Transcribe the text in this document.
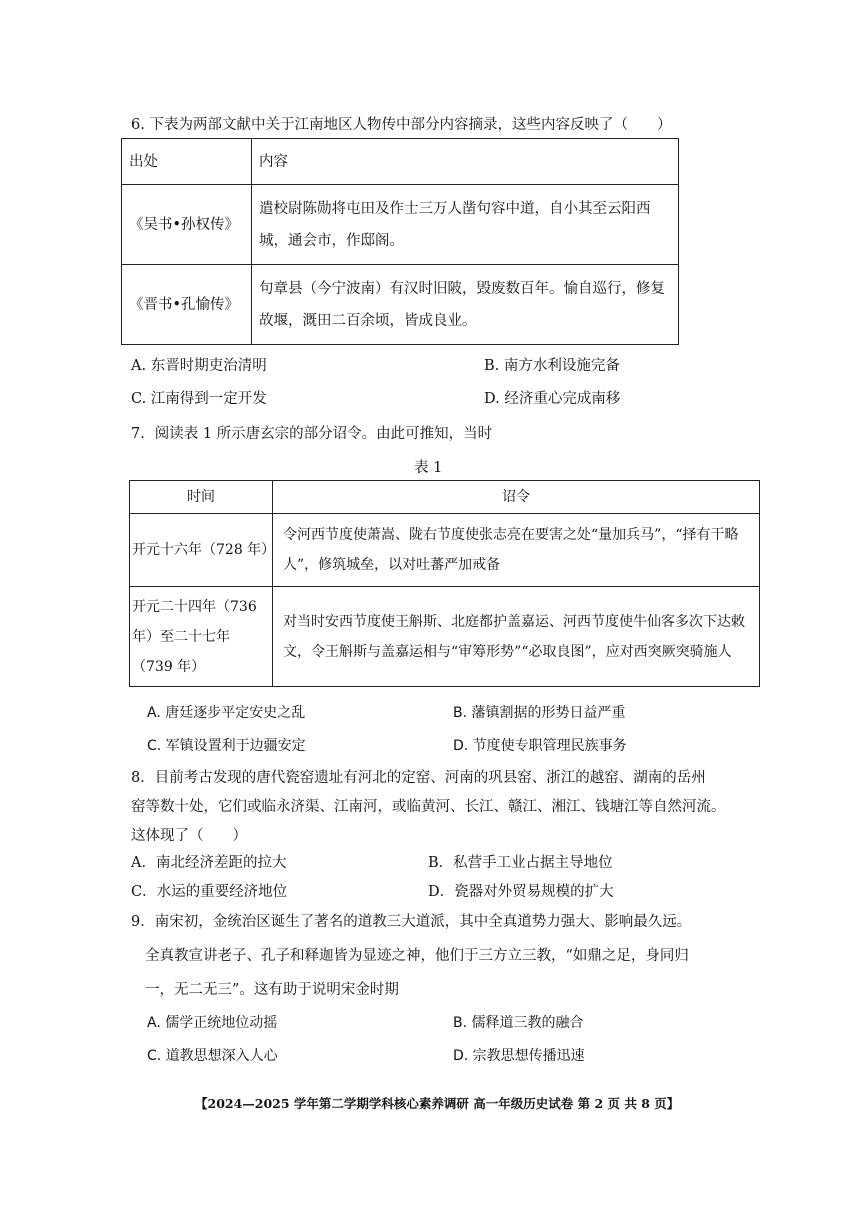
6. 下表为两部文献中关于江南地区人物传中部分内容摘录，这些内容反映了（　　）
出处	内容
《吴书•孙权传》	遣校尉陈勋将屯田及作士三万人凿句容中道，自小其至云阳西城，通会市，作邸阁。
《晋书•孔愉传》	句章县（今宁波南）有汉时旧陂，毁废数百年。愉自巡行，修复故堰，溉田二百余顷，皆成良业。
A. 东晋时期吏治清明	B. 南方水利设施完备
C. 江南得到一定开发	D. 经济重心完成南移
7．阅读表 1 所示唐玄宗的部分诏令。由此可推知，当时
表 1
时间	诏令
开元十六年（728 年）	令河西节度使萧嵩、陇右节度使张志亮在要害之处“量加兵马”，“择有干略人”，修筑城垒，以对吐蕃严加戒备
开元二十四年（736 年）至二十七年（739 年）	对当时安西节度使王斛斯、北庭都护盖嘉运、河西节度使牛仙客多次下达敕文，令王斛斯与盖嘉运相与“审筹形势”“必取良图”，应对西突厥突骑施人
A. 唐廷逐步平定安史之乱	B. 藩镇割据的形势日益严重
C. 军镇设置利于边疆安定	D. 节度使专职管理民族事务
8．目前考古发现的唐代瓷窑遗址有河北的定窑、河南的巩县窑、浙江的越窑、湖南的岳州
窑等数十处，它们或临永济渠、江南河，或临黄河、长江、赣江、湘江、钱塘江等自然河流。
这体现了（　　）
A．南北经济差距的拉大	B．私营手工业占据主导地位
C．水运的重要经济地位	D．瓷器对外贸易规模的扩大
9．南宋初，金统治区诞生了著名的道教三大道派，其中全真道势力强大、影响最久远。
全真教宣讲老子、孔子和释迦皆为显迹之神，他们于三方立三教，“如鼎之足，身同归
一，无二无三”。这有助于说明宋金时期
A. 儒学正统地位动摇	B. 儒释道三教的融合
C. 道教思想深入人心	D. 宗教思想传播迅速
【2024—2025 学年第二学期学科核心素养调研 高一年级历史试卷 第 2 页 共 8 页】
